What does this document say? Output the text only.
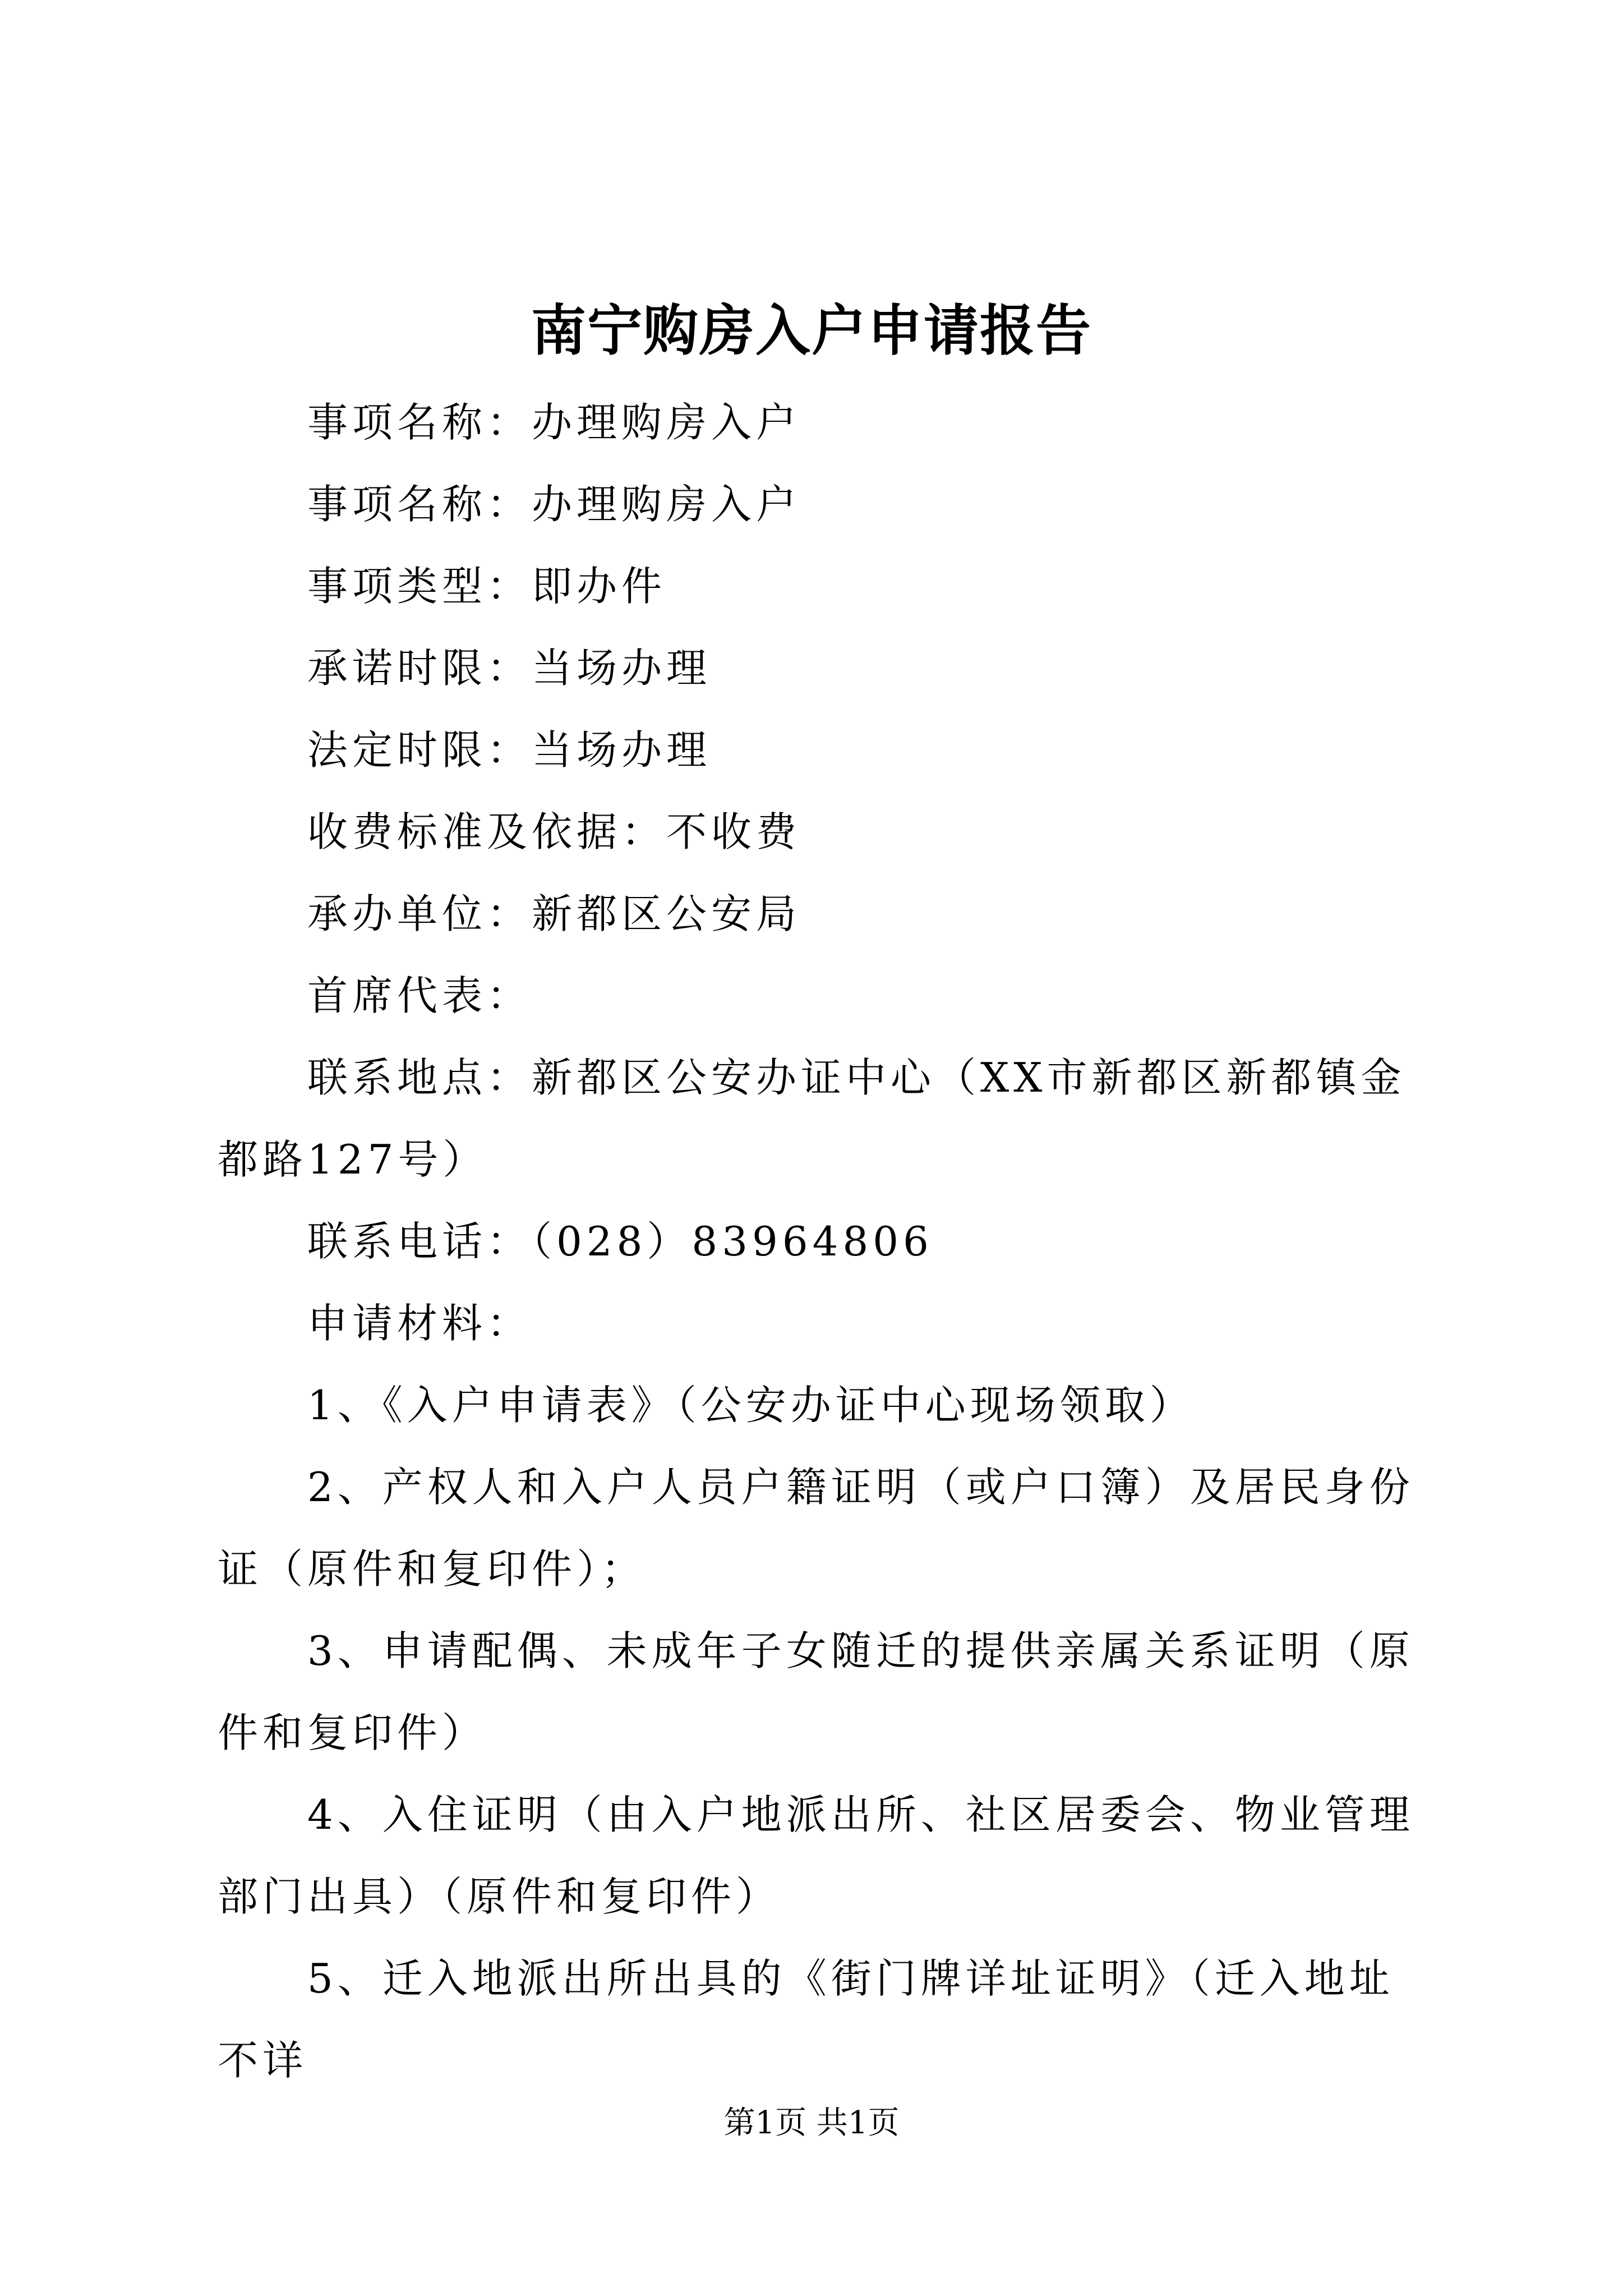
南宁购房入户申请报告

事项名称：办理购房入户

事项名称：办理购房入户

事项类型：即办件

承诺时限：当场办理

法定时限：当场办理

收费标准及依据：不收费

承办单位：新都区公安局

首席代表：

联系地点：新都区公安办证中心（XX市新都区新都镇金都路127号）

联系电话：（028）83964806

申请材料：

1、《入户申请表》（公安办证中心现场领取）

2、产权人和入户人员户籍证明（或户口簿）及居民身份证（原件和复印件）；

3、申请配偶、未成年子女随迁的提供亲属关系证明（原件和复印件）

4、入住证明（由入户地派出所、社区居委会、物业管理部门出具）（原件和复印件）

5、迁入地派出所出具的《街门牌详址证明》（迁入地址不详

第1页 共1页
